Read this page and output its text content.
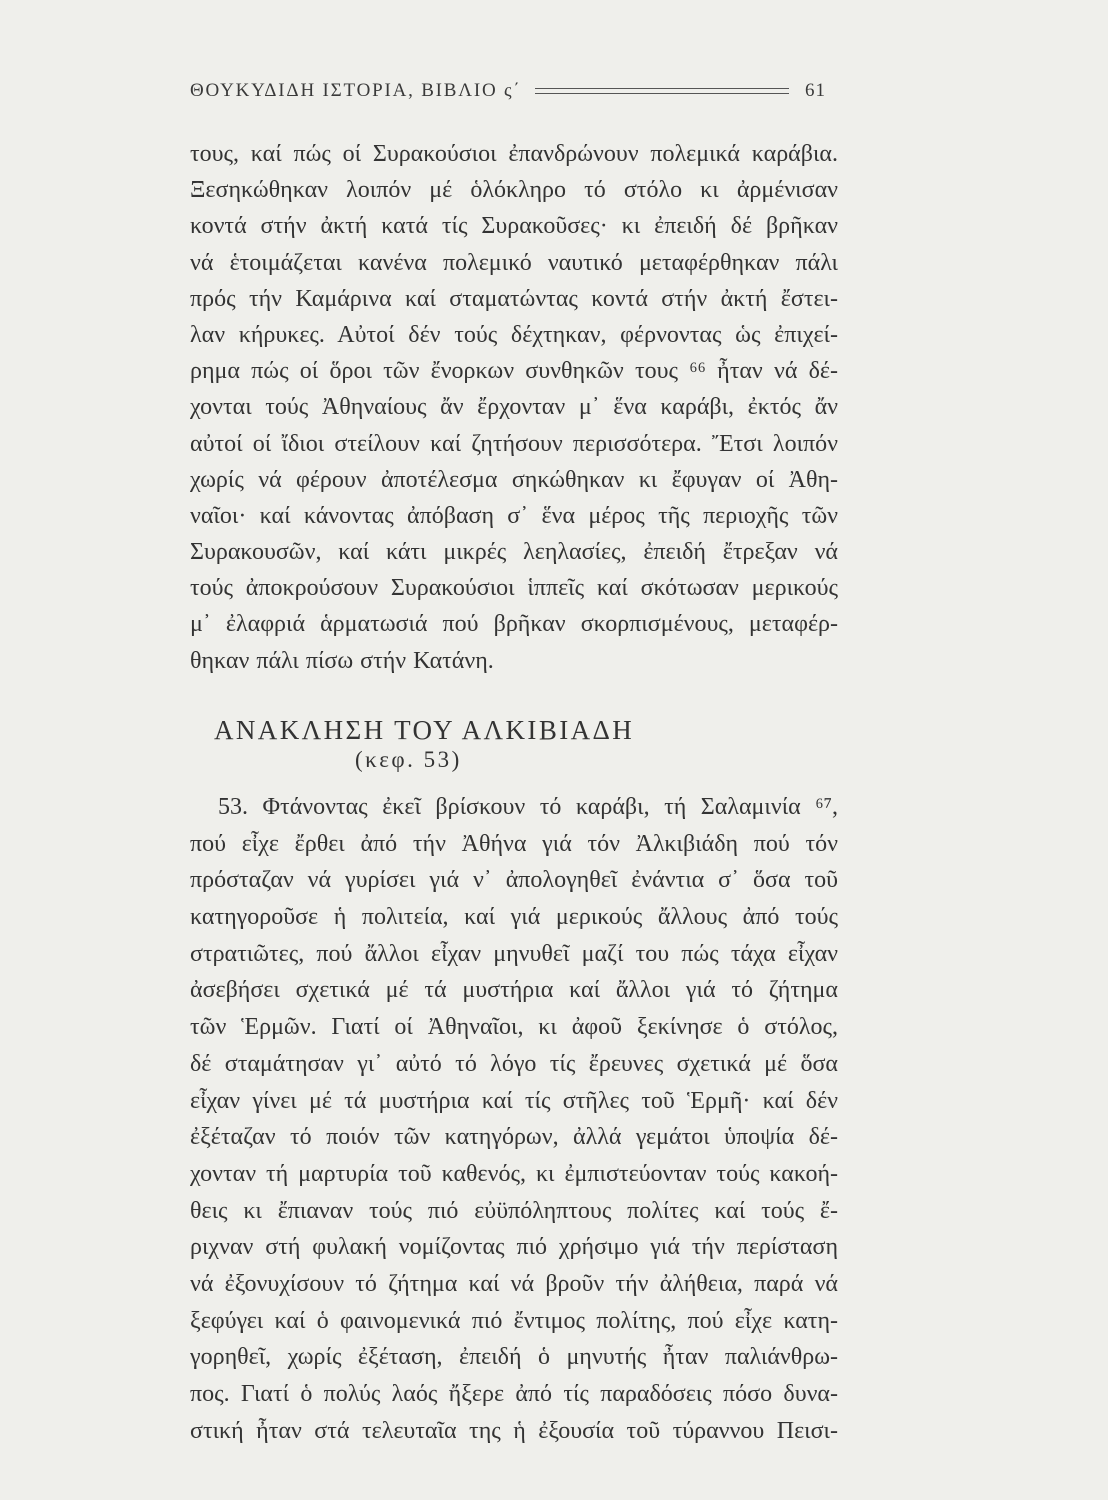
ΘΟΥΚΥΔΙΔΗ ΙΣΤΟΡΙΑ, ΒΙΒΛΙΟ ς΄	61
τους, καί πώς οί Συρακούσιοι ἐπανδρώνουν πολεμικά καράβια.
Ξεσηκώθηκαν λοιπόν μέ ὁλόκληρο τό στόλο κι ἀρμένισαν
κοντά στήν ἀκτή κατά τίς Συρακοῦσες· κι ἐπειδή δέ βρῆκαν
νά ἑτοιμάζεται κανένα πολεμικό ναυτικό μεταφέρθηκαν πάλι
πρός τήν Καμάρινα καί σταματώντας κοντά στήν ἀκτή ἔστει-
λαν κήρυκες. Αὐτοί δέν τούς δέχτηκαν, φέρνοντας ὡς ἐπιχεί-
ρημα πώς οί ὅροι τῶν ἔνορκων συνθηκῶν τους ⁶⁶ ἦταν νά δέ-
χονται τούς Ἀθηναίους ἄν ἔρχονταν μ᾿ ἕνα καράβι, ἐκτός ἄν
αὐτοί οί ἴδιοι στείλουν καί ζητήσουν περισσότερα. Ἔτσι λοιπόν
χωρίς νά φέρουν ἀποτέλεσμα σηκώθηκαν κι ἔφυγαν οί Ἀθη-
ναῖοι· καί κάνοντας ἀπόβαση σ᾿ ἕνα μέρος τῆς περιοχῆς τῶν
Συρακουσῶν, καί κάτι μικρές λεηλασίες, ἐπειδή ἔτρεξαν νά
τούς ἀποκρούσουν Συρακούσιοι ἱππεῖς καί σκότωσαν μερικούς
μ᾿ ἐλαφριά ἁρματωσιά πού βρῆκαν σκορπισμένους, μεταφέρ-
θηκαν πάλι πίσω στήν Κατάνη.
ΑΝΑΚΛΗΣΗ ΤΟΥ ΑΛΚΙΒΙΑΔΗ
(κεφ. 53)
53. Φτάνοντας ἐκεῖ βρίσκουν τό καράβι, τή Σαλαμινία ⁶⁷,
πού εἶχε ἔρθει ἀπό τήν Ἀθήνα γιά τόν Ἀλκιβιάδη πού τόν
πρόσταζαν νά γυρίσει γιά ν᾿ ἀπολογηθεῖ ἐνάντια σ᾿ ὅσα τοῦ
κατηγοροῦσε ἡ πολιτεία, καί γιά μερικούς ἄλλους ἀπό τούς
στρατιῶτες, πού ἄλλοι εἶχαν μηνυθεῖ μαζί του πώς τάχα εἶχαν
ἀσεβήσει σχετικά μέ τά μυστήρια καί ἄλλοι γιά τό ζήτημα
τῶν Ἑρμῶν. Γιατί οί Ἀθηναῖοι, κι ἀφοῦ ξεκίνησε ὁ στόλος,
δέ σταμάτησαν γι᾿ αὐτό τό λόγο τίς ἔρευνες σχετικά μέ ὅσα
εἶχαν γίνει μέ τά μυστήρια καί τίς στῆλες τοῦ Ἑρμῆ· καί δέν
ἐξέταζαν τό ποιόν τῶν κατηγόρων, ἀλλά γεμάτοι ὑποψία δέ-
χονταν τή μαρτυρία τοῦ καθενός, κι ἐμπιστεύονταν τούς κακοή-
θεις κι ἔπιαναν τούς πιό εὐϋπόληπτους πολίτες καί τούς ἔ-
ριχναν στή φυλακή νομίζοντας πιό χρήσιμο γιά τήν περίσταση
νά ἐξονυχίσουν τό ζήτημα καί νά βροῦν τήν ἀλήθεια, παρά νά
ξεφύγει καί ὁ φαινομενικά πιό ἔντιμος πολίτης, πού εἶχε κατη-
γορηθεῖ, χωρίς ἐξέταση, ἐπειδή ὁ μηνυτής ἦταν παλιάνθρω-
πος. Γιατί ὁ πολύς λαός ἤξερε ἀπό τίς παραδόσεις πόσο δυνα-
στική ἦταν στά τελευταῖα της ἡ ἐξουσία τοῦ τύραννου Πεισι-
